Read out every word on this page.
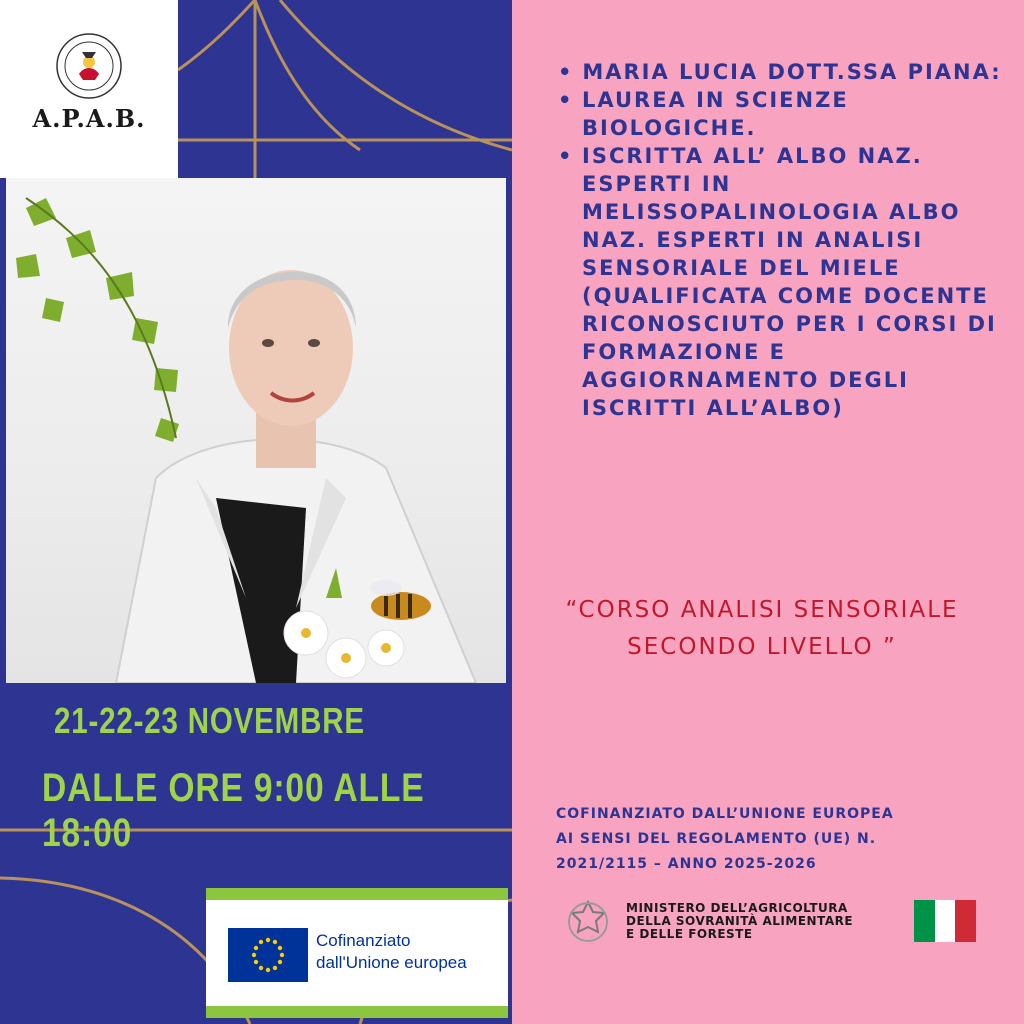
A.P.A.B.
21-22-23 NOVEMBRE
DALLE ORE 9:00 ALLE 18:00
Cofinanziato
dall'Unione europea
• MARIA LUCIA DOTT.SSA PIANA:
• LAUREA IN SCIENZE BIOLOGICHE.
• ISCRITTA ALL’ ALBO NAZ. ESPERTI IN MELISSOPALINOLOGIA ALBO NAZ. ESPERTI IN ANALISI SENSORIALE DEL MIELE (QUALIFICATA COME DOCENTE RICONOSCIUTO PER I CORSI DI FORMAZIONE E AGGIORNAMENTO DEGLI ISCRITTI ALL’ALBO)
“CORSO ANALISI SENSORIALE SECONDO LIVELLO ”
COFINANZIATO DALL’UNIONE EUROPEA
AI SENSI DEL REGOLAMENTO (UE) N.
2021/2115 – ANNO 2025-2026
MINISTERO DELL’AGRICOLTURA
DELLA SOVRANITÀ ALIMENTARE
E DELLE FORESTE
